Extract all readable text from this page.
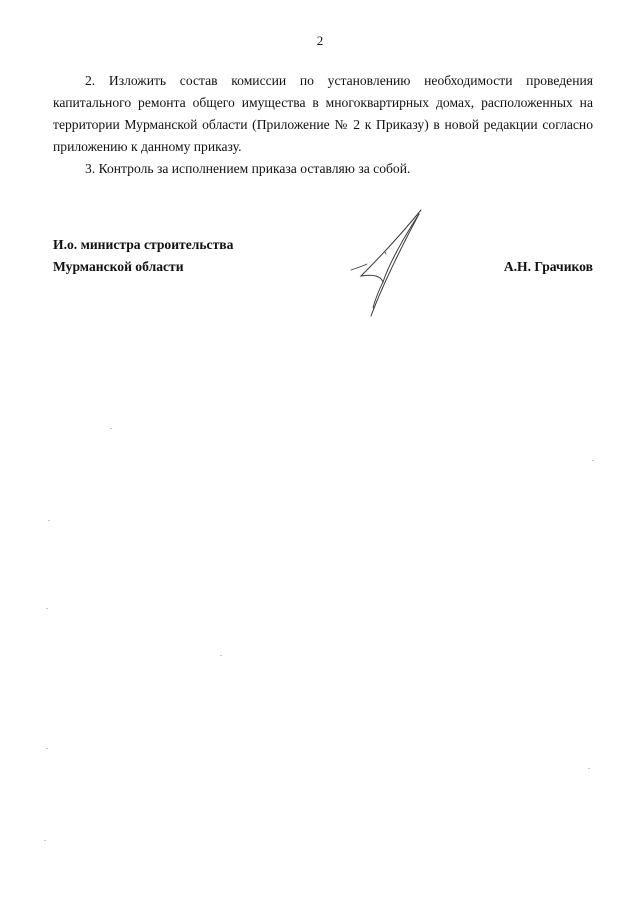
2

2. Изложить состав комиссии по установлению необходимости проведения капитального ремонта общего имущества в многоквартирных домах, расположенных на территории Мурманской области (Приложение № 2 к Приказу) в новой редакции согласно приложению к данному приказу.

3. Контроль за исполнением приказа оставляю за собой.

И.о. министра строительства
Мурманской области	А.Н. Грачиков
